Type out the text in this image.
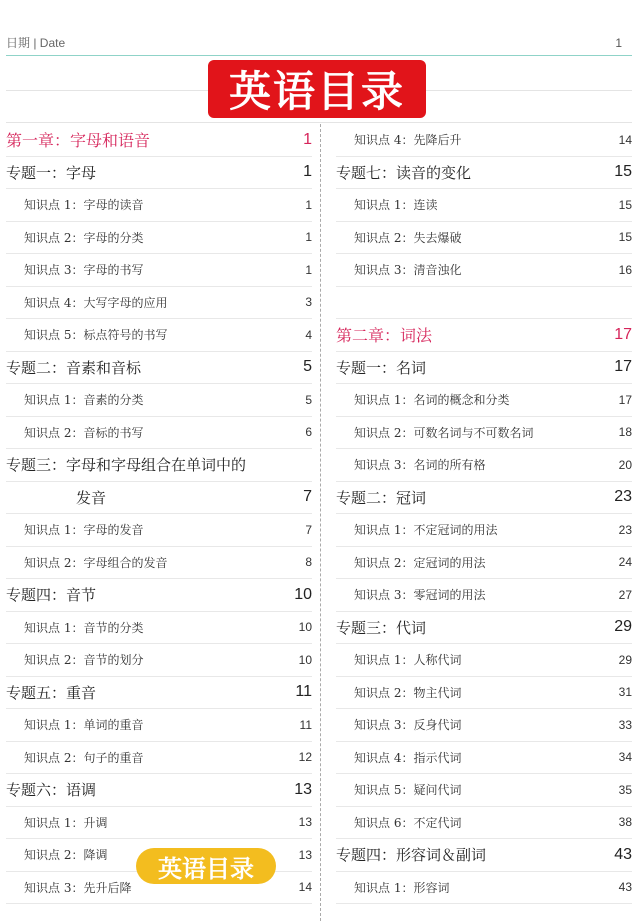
日期 | Date	1
英语目录
第一章：字母和语音	1
专题一：字母	1
知识点 1：字母的读音	1
知识点 2：字母的分类	1
知识点 3：字母的书写	1
知识点 4：大写字母的应用	3
知识点 5：标点符号的书写	4
专题二：音素和音标	5
知识点 1：音素的分类	5
知识点 2：音标的书写	6
专题三：字母和字母组合在单词中的
发音	7
知识点 1：字母的发音	7
知识点 2：字母组合的发音	8
专题四：音节	10
知识点 1：音节的分类	10
知识点 2：音节的划分	10
专题五：重音	11
知识点 1：单词的重音	11
知识点 2：句子的重音	12
专题六：语调	13
知识点 1：升调	13
知识点 2：降调	13
知识点 3：先升后降	14
知识点 4：先降后升	14
专题七：读音的变化	15
知识点 1：连读	15
知识点 2：失去爆破	15
知识点 3：清音浊化	16
第二章：词法	17
专题一：名词	17
知识点 1：名词的概念和分类	17
知识点 2：可数名词与不可数名词	18
知识点 3：名词的所有格	20
专题二：冠词	23
知识点 1：不定冠词的用法	23
知识点 2：定冠词的用法	24
知识点 3：零冠词的用法	27
专题三：代词	29
知识点 1：人称代词	29
知识点 2：物主代词	31
知识点 3：反身代词	33
知识点 4：指示代词	34
知识点 5：疑问代词	35
知识点 6：不定代词	38
专题四：形容词＆副词	43
知识点 1：形容词	43
英语目录
